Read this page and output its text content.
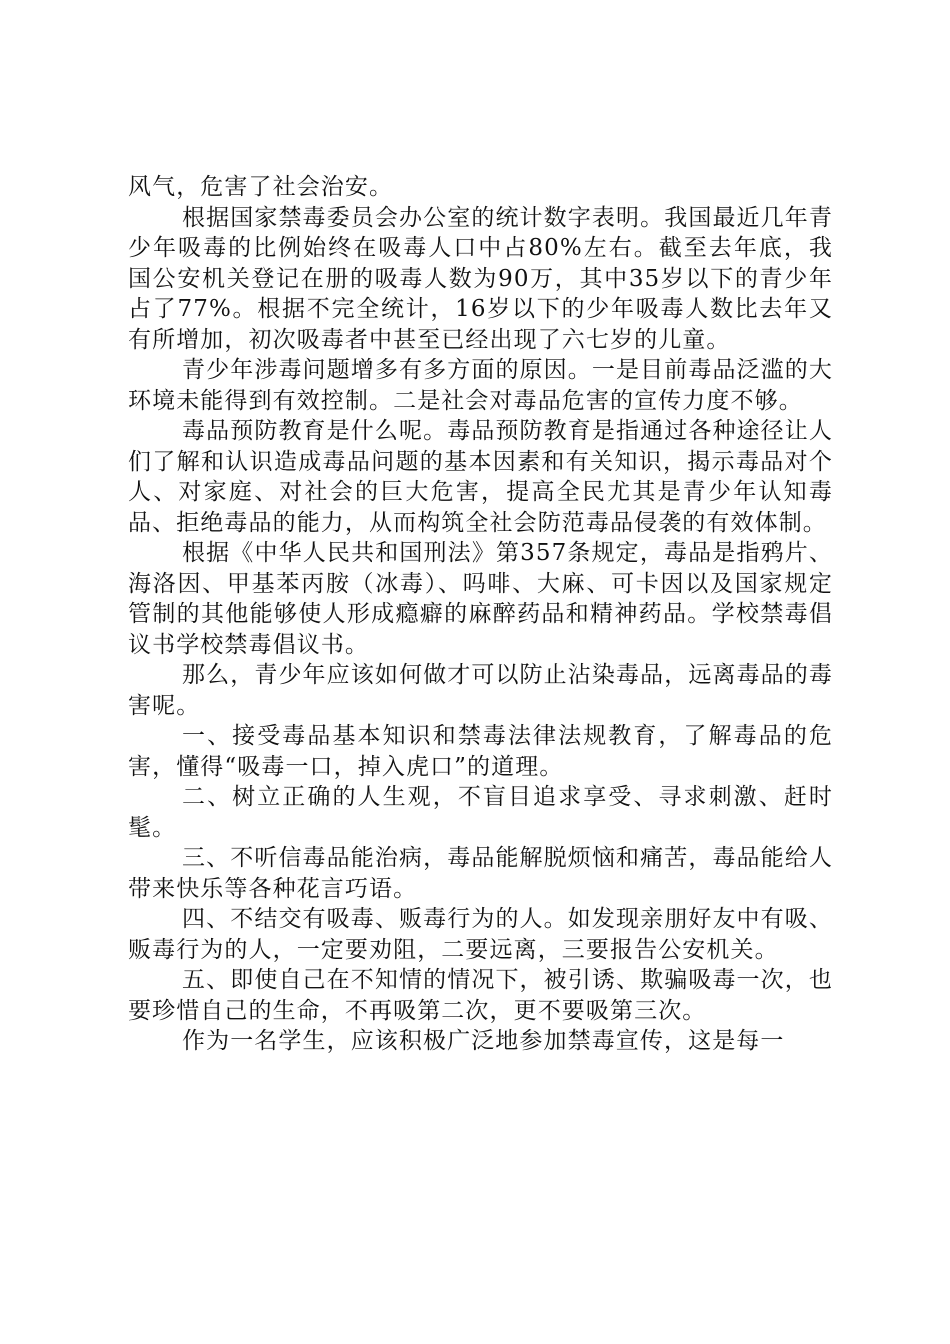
风气，危害了社会治安。

根据国家禁毒委员会办公室的统计数字表明。我国最近几年青少年吸毒的比例始终在吸毒人口中占80%左右。截至去年底，我国公安机关登记在册的吸毒人数为90万，其中35岁以下的青少年占了77%。根据不完全统计，16岁以下的少年吸毒人数比去年又有所增加，初次吸毒者中甚至已经出现了六七岁的儿童。

青少年涉毒问题增多有多方面的原因。一是目前毒品泛滥的大环境未能得到有效控制。二是社会对毒品危害的宣传力度不够。

毒品预防教育是什么呢。毒品预防教育是指通过各种途径让人们了解和认识造成毒品问题的基本因素和有关知识，揭示毒品对个人、对家庭、对社会的巨大危害，提高全民尤其是青少年认知毒品、拒绝毒品的能力，从而构筑全社会防范毒品侵袭的有效体制。

根据《中华人民共和国刑法》第357条规定，毒品是指鸦片、海洛因、甲基苯丙胺（冰毒）、吗啡、大麻、可卡因以及国家规定管制的其他能够使人形成瘾癖的麻醉药品和精神药品。学校禁毒倡议书学校禁毒倡议书。

那么，青少年应该如何做才可以防止沾染毒品，远离毒品的毒害呢。

一、接受毒品基本知识和禁毒法律法规教育，了解毒品的危害，懂得“吸毒一口，掉入虎口”的道理。

二、树立正确的人生观，不盲目追求享受、寻求刺激、赶时髦。

三、不听信毒品能治病，毒品能解脱烦恼和痛苦，毒品能给人带来快乐等各种花言巧语。

四、不结交有吸毒、贩毒行为的人。如发现亲朋好友中有吸、贩毒行为的人，一定要劝阻，二要远离，三要报告公安机关。

五、即使自己在不知情的情况下，被引诱、欺骗吸毒一次，也要珍惜自己的生命，不再吸第二次，更不要吸第三次。

作为一名学生，应该积极广泛地参加禁毒宣传，这是每一
